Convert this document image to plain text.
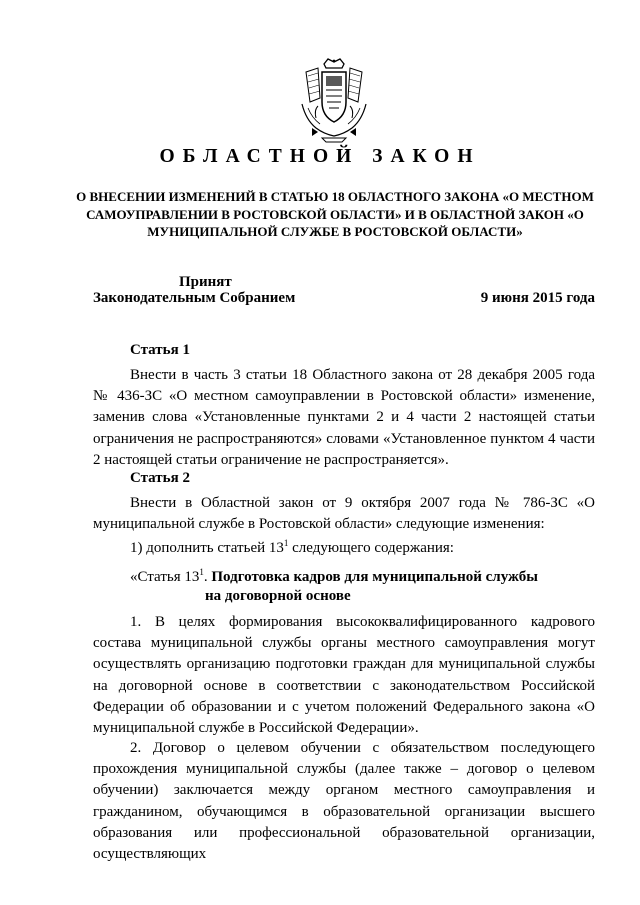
ОБЛАСТНОЙ ЗАКОН
О ВНЕСЕНИИ ИЗМЕНЕНИЙ В СТАТЬЮ 18 ОБЛАСТНОГО ЗАКОНА «О МЕСТНОМ САМОУПРАВЛЕНИИ В РОСТОВСКОЙ ОБЛАСТИ» И В ОБЛАСТНОЙ ЗАКОН «О МУНИЦИПАЛЬНОЙ СЛУЖБЕ В РОСТОВСКОЙ ОБЛАСТИ»
Принят
Законодательным Собранием	9 июня 2015 года

Статья 1

Внести в часть 3 статьи 18 Областного закона от 28 декабря 2005 года № 436-ЗС «О местном самоуправлении в Ростовской области» изменение, заменив слова «Установленные пунктами 2 и 4 части 2 настоящей статьи ограничения не распространяются» словами «Установленное пунктом 4 части 2 настоящей статьи ограничение не распространяется».

Статья 2

Внести в Областной закон от 9 октября 2007 года № 786-ЗС «О муниципальной службе в Ростовской области» следующие изменения:

1) дополнить статьей $13^1$ следующего содержания:

«Статья $13^1$. Подготовка кадров для муниципальной службы
на договорной основе

1. В целях формирования высококвалифицированного кадрового состава муниципальной службы органы местного самоуправления могут осуществлять организацию подготовки граждан для муниципальной службы на договорной основе в соответствии с законодательством Российской Федерации об образовании и с учетом положений Федерального закона «О муниципальной службе в Российской Федерации».

2. Договор о целевом обучении с обязательством последующего прохождения муниципальной службы (далее также – договор о целевом обучении) заключается между органом местного самоуправления и гражданином, обучающимся в образовательной организации высшего образования или профессиональной образовательной организации, осуществляющих
